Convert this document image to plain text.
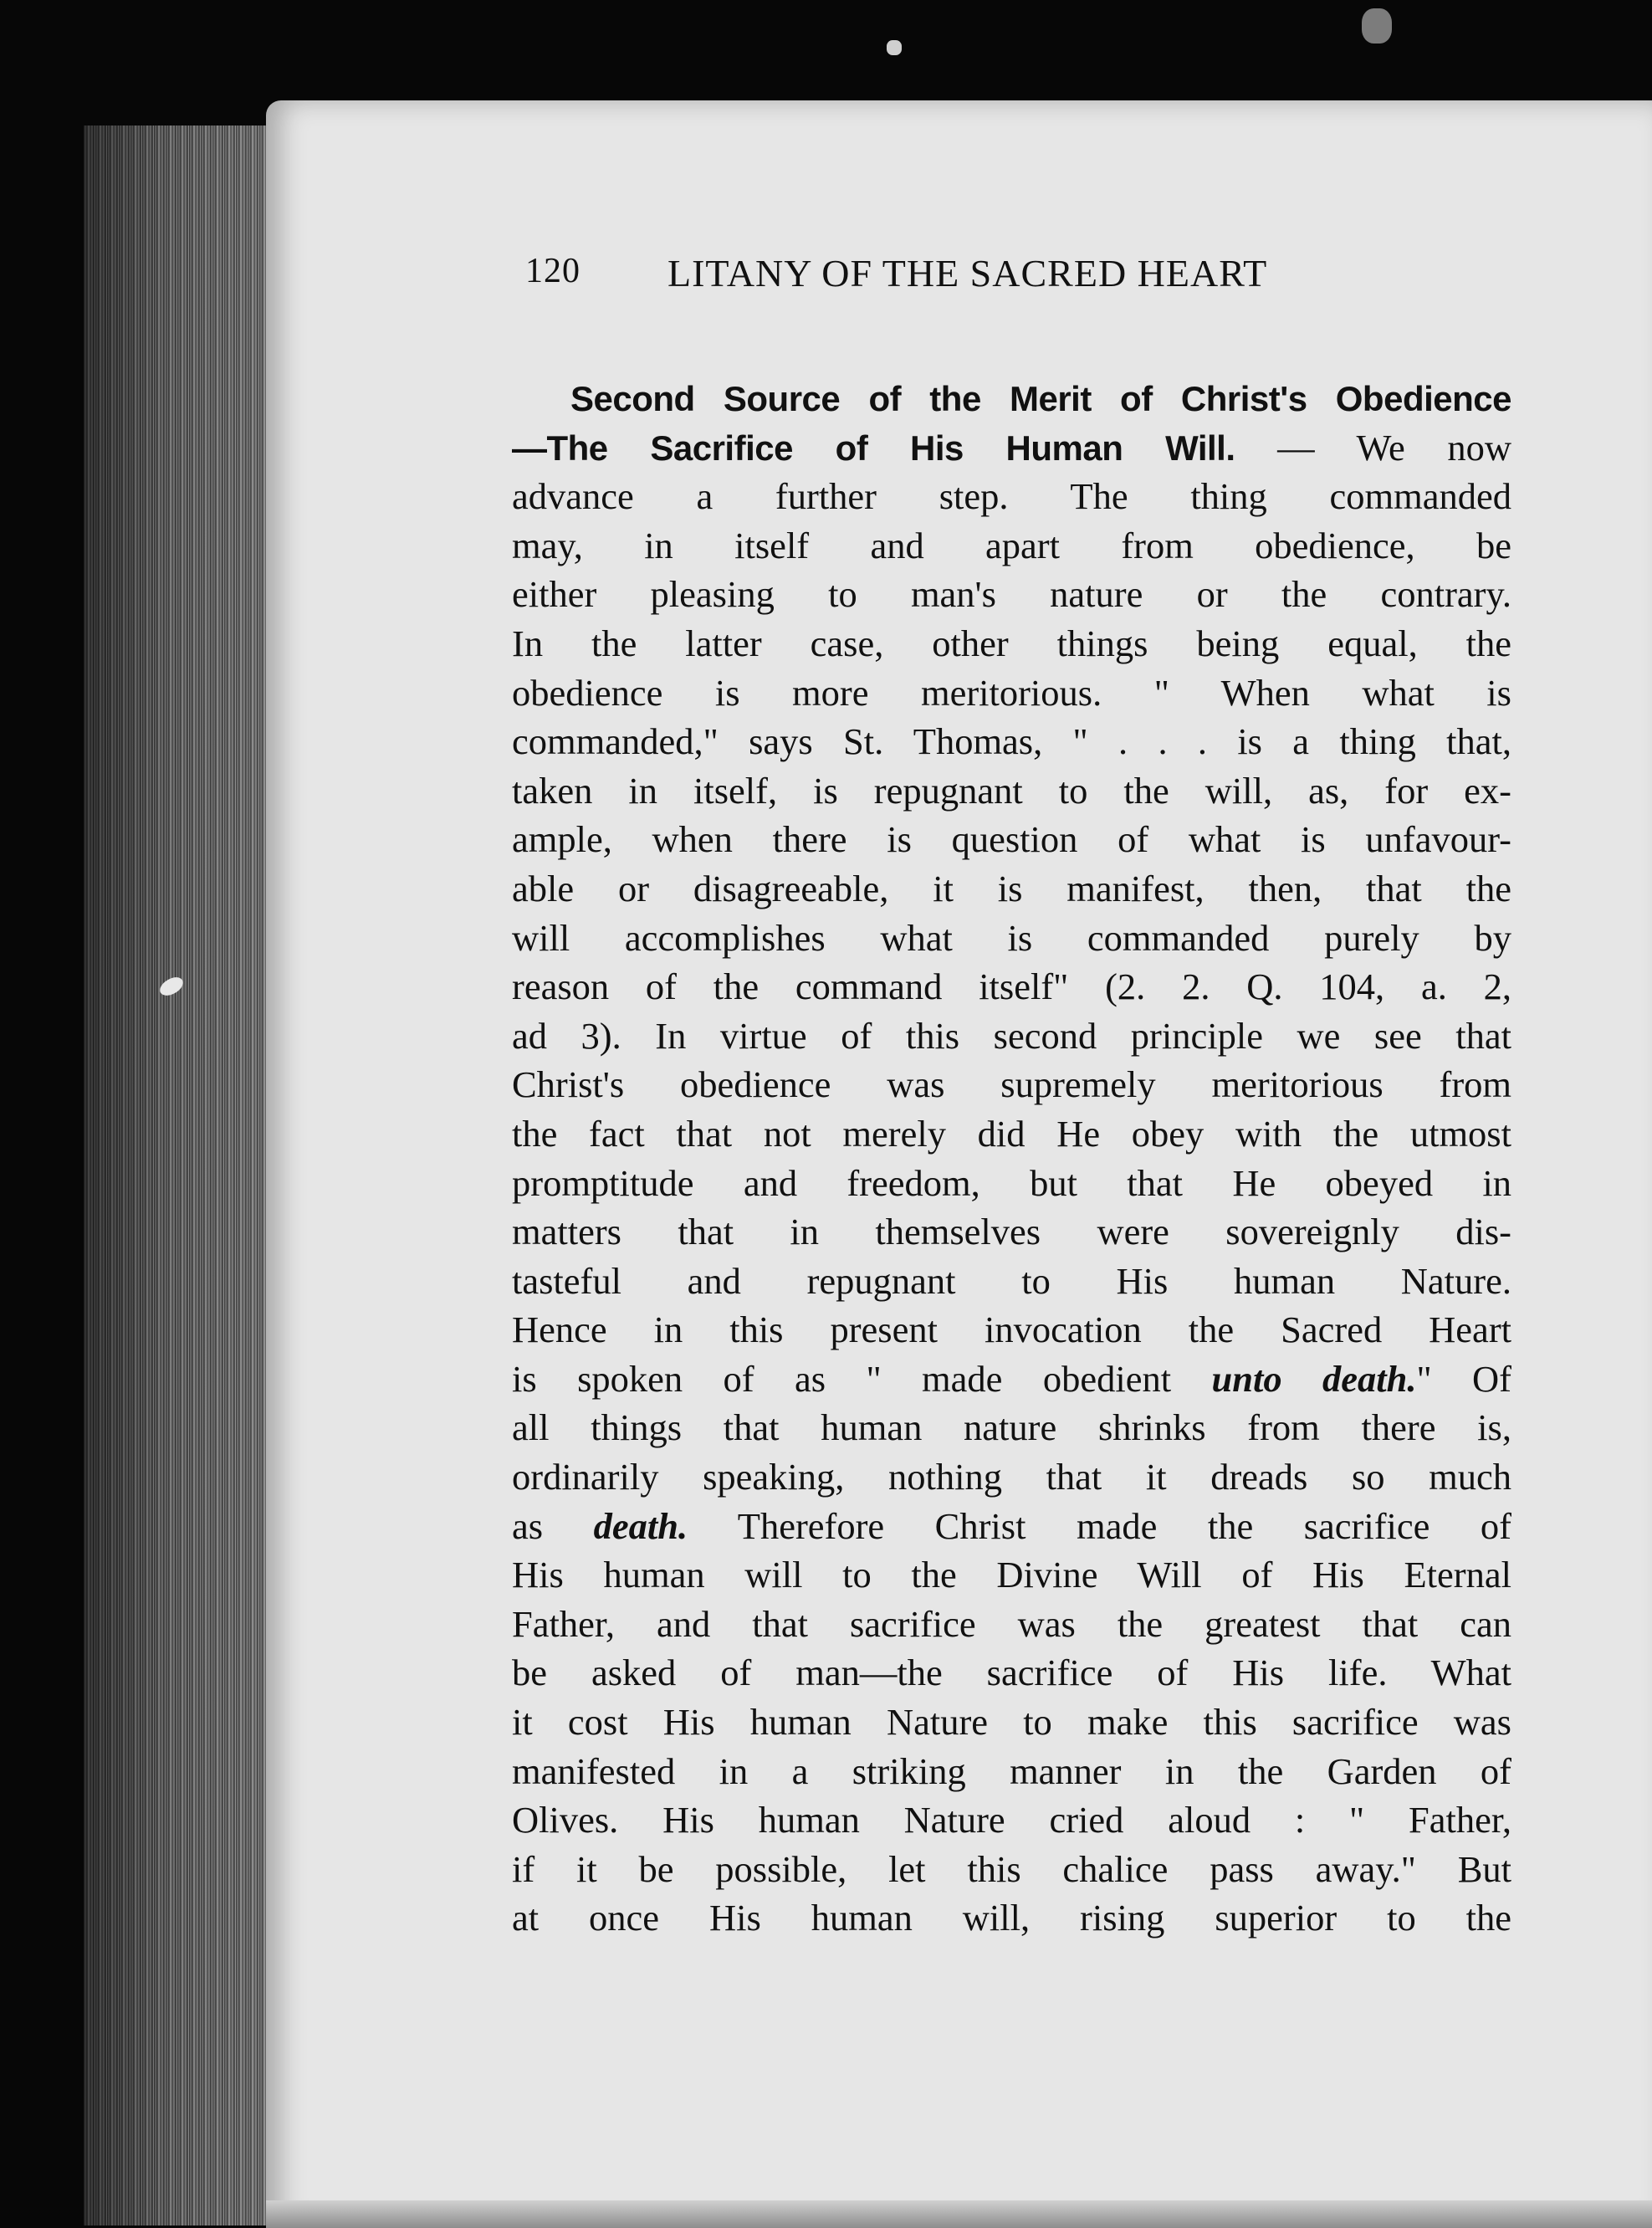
120 LITANY OF THE SACRED HEART
Second Source of the Merit of Christ's Obedience
—The Sacrifice of His Human Will. — We now
advance a further step. The thing commanded
may, in itself and apart from obedience, be
either pleasing to man's nature or the contrary.
In the latter case, other things being equal, the
obedience is more meritorious. " When what is
commanded," says St. Thomas, " . . . is a thing that,
taken in itself, is repugnant to the will, as, for ex-
ample, when there is question of what is unfavour-
able or disagreeable, it is manifest, then, that the
will accomplishes what is commanded purely by
reason of the command itself" (2. 2. Q. 104, a. 2,
ad 3). In virtue of this second principle we see that
Christ's obedience was supremely meritorious from
the fact that not merely did He obey with the utmost
promptitude and freedom, but that He obeyed in
matters that in themselves were sovereignly dis-
tasteful and repugnant to His human Nature.
Hence in this present invocation the Sacred Heart
is spoken of as " made obedient unto death." Of
all things that human nature shrinks from there is,
ordinarily speaking, nothing that it dreads so much
as death. Therefore Christ made the sacrifice of
His human will to the Divine Will of His Eternal
Father, and that sacrifice was the greatest that can
be asked of man—the sacrifice of His life. What
it cost His human Nature to make this sacrifice was
manifested in a striking manner in the Garden of
Olives. His human Nature cried aloud : " Father,
if it be possible, let this chalice pass away." But
at once His human will, rising superior to the
